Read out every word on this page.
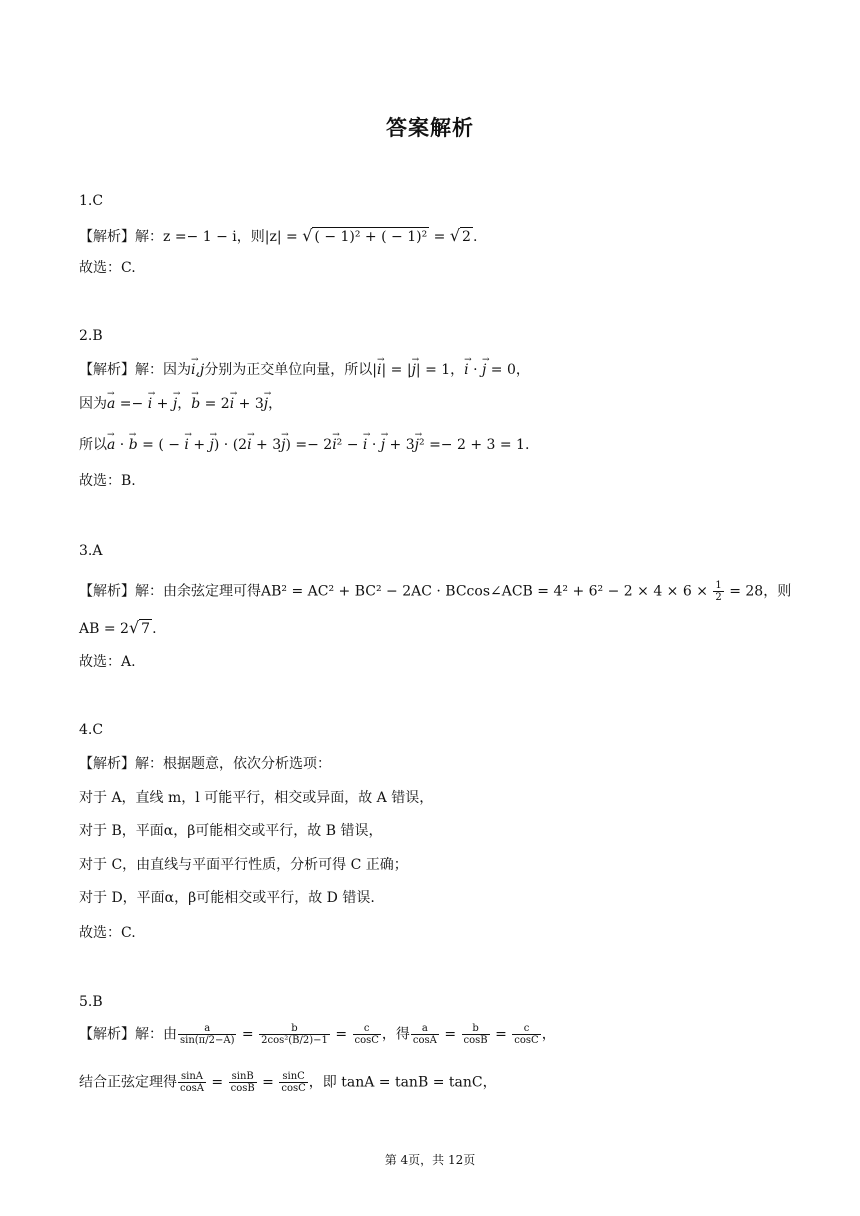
答案解析
1.C
【解析】解：z =− 1 − i，则|z| = √ ( − 1)² + ( − 1)² = √ 2 .
故选：C.
2.B
【解析】解：因为→ i,j分别为正交单位向量，所以|→ i| = |→ j| = 1，→ i · → j = 0，
因为→ a =− → i + → j，→ b = 2→ i + 3→ j，
所以→ a · → b = ( − → i + → j) · (2→ i + 3→ j) =− 2→ i² − → i · → j + 3→ j² =− 2 + 3 = 1.
故选：B.
3.A
【解析】解：由余弦定理可得AB² = AC² + BC² − 2AC · BCcos∠ACB = $4^2 + 6^2 - 2 \times 4 \times 6 \times \frac{1}{2} = 28$，则
AB = 2√ 7 .
故选：A.
4.C
【解析】解：根据题意，依次分析选项：
对于 A，直线 m，l 可能平行，相交或异面，故 A 错误，
对于 B，平面α，β可能相交或平行，故 B 错误，
对于 C，由直线与平面平行性质，分析可得 C 正确；
对于 D，平面α，β可能相交或平行，故 D 错误.
故选：C.
5.B
【解析】解：由 $\frac{a}{\sin(\pi/2-A)} = \frac{b}{\text{2cos²(B/2)−1}} = \frac{c}{\cos C}$ ，得 $\frac{a}{\cos A} = \frac{b}{\cos B} = \frac{c}{\cos C}$ ，
结合正弦定理得 $\frac{\sin A}{\cos A} = \frac{\sin B}{\cos B} = \frac{\sin C}{\cos C}$ ，即 tanA = tanB = tanC，
第 4页，共 12页
